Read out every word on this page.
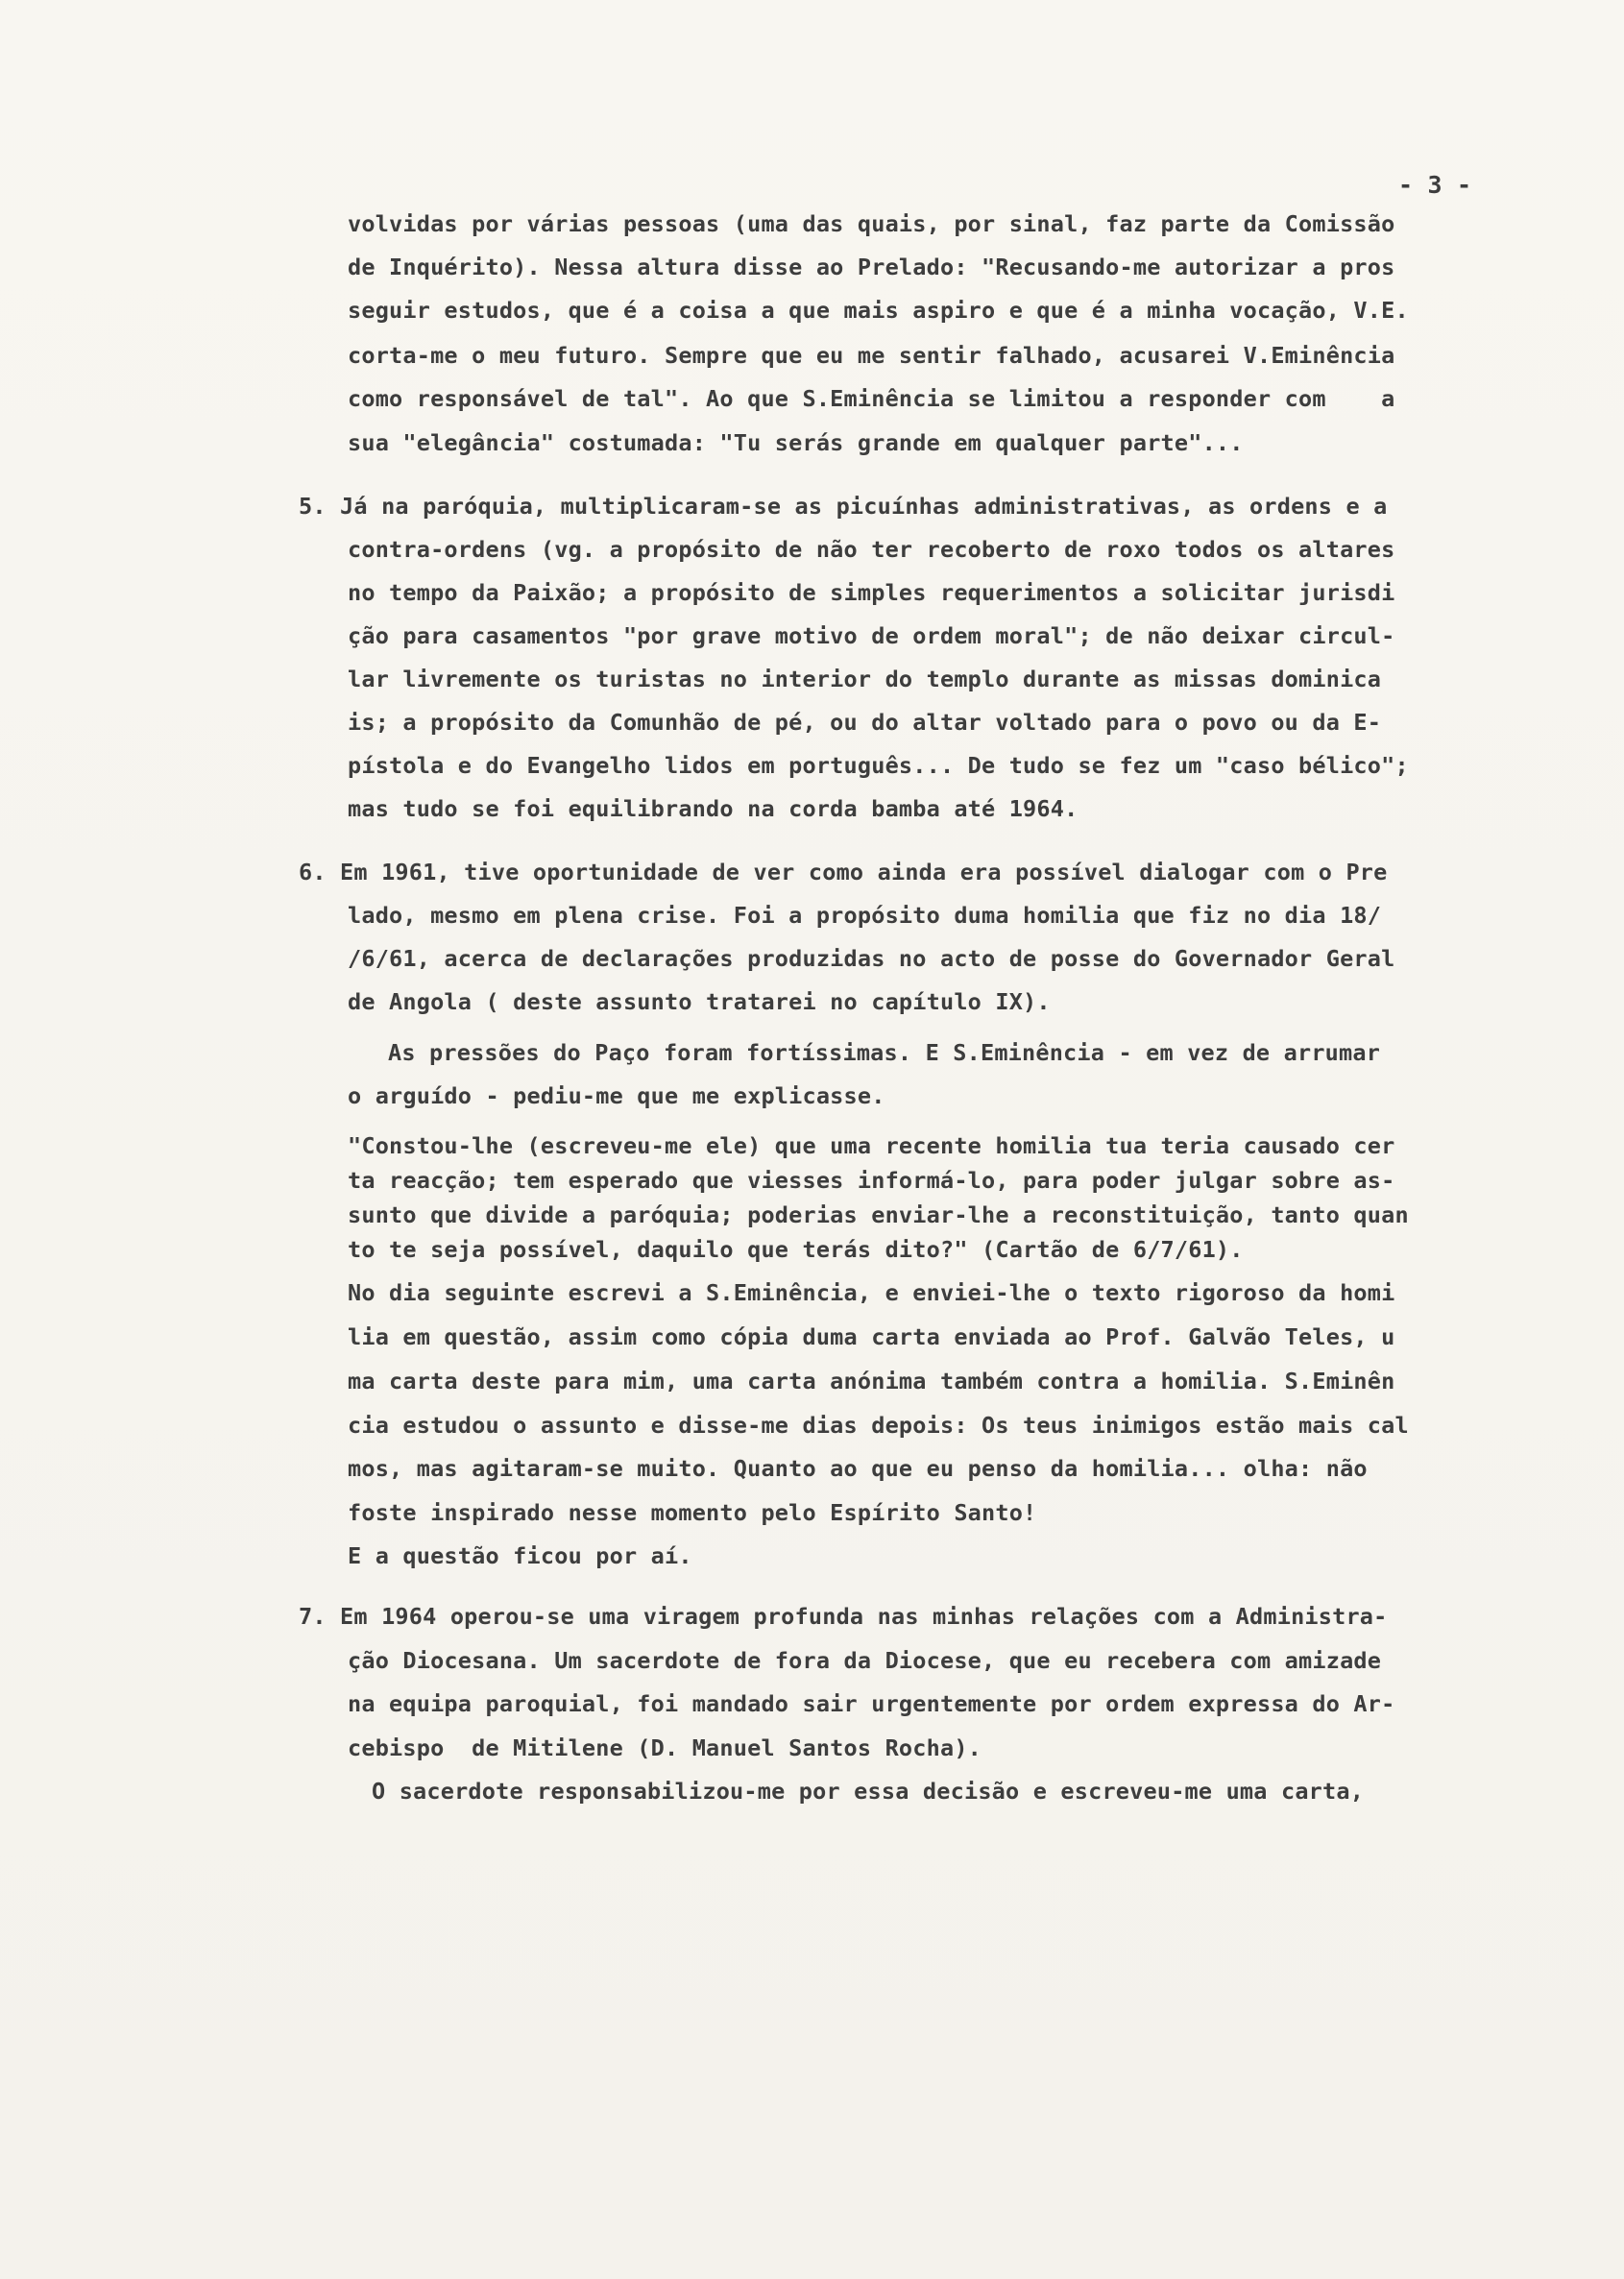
- 3 -
volvidas por várias pessoas (uma das quais, por sinal, faz parte da Comissão
de Inquérito). Nessa altura disse ao Prelado: "Recusando-me autorizar a pros
seguir estudos, que é a coisa a que mais aspiro e que é a minha vocação, V.E.
corta-me o meu futuro. Sempre que eu me sentir falhado, acusarei V.Eminência
como responsável de tal". Ao que S.Eminência se limitou a responder com    a
sua "elegância" costumada: "Tu serás grande em qualquer parte"...
5. Já na paróquia, multiplicaram-se as picuínhas administrativas, as ordens e a
contra-ordens (vg. a propósito de não ter recoberto de roxo todos os altares
no tempo da Paixão; a propósito de simples requerimentos a solicitar jurisdi
ção para casamentos "por grave motivo de ordem moral"; de não deixar circul-
lar livremente os turistas no interior do templo durante as missas dominica
is; a propósito da Comunhão de pé, ou do altar voltado para o povo ou da E-
pístola e do Evangelho lidos em português... De tudo se fez um "caso bélico";
mas tudo se foi equilibrando na corda bamba até 1964.
6. Em 1961, tive oportunidade de ver como ainda era possível dialogar com o Pre
lado, mesmo em plena crise. Foi a propósito duma homilia que fiz no dia 18/
/6/61, acerca de declarações produzidas no acto de posse do Governador Geral
de Angola ( deste assunto tratarei no capítulo IX).
As pressões do Paço foram fortíssimas. E S.Eminência - em vez de arrumar
o arguído - pediu-me que me explicasse.
"Constou-lhe (escreveu-me ele) que uma recente homilia tua teria causado cer
ta reacção; tem esperado que viesses informá-lo, para poder julgar sobre as-
sunto que divide a paróquia; poderias enviar-lhe a reconstituição, tanto quan
to te seja possível, daquilo que terás dito?" (Cartão de 6/7/61).
No dia seguinte escrevi a S.Eminência, e enviei-lhe o texto rigoroso da homi
lia em questão, assim como cópia duma carta enviada ao Prof. Galvão Teles, u
ma carta deste para mim, uma carta anónima também contra a homilia. S.Eminên
cia estudou o assunto e disse-me dias depois: Os teus inimigos estão mais cal
mos, mas agitaram-se muito. Quanto ao que eu penso da homilia... olha: não
foste inspirado nesse momento pelo Espírito Santo!
E a questão ficou por aí.
7. Em 1964 operou-se uma viragem profunda nas minhas relações com a Administra-
ção Diocesana. Um sacerdote de fora da Diocese, que eu recebera com amizade
na equipa paroquial, foi mandado sair urgentemente por ordem expressa do Ar-
cebispo  de Mitilene (D. Manuel Santos Rocha).
O sacerdote responsabilizou-me por essa decisão e escreveu-me uma carta,
